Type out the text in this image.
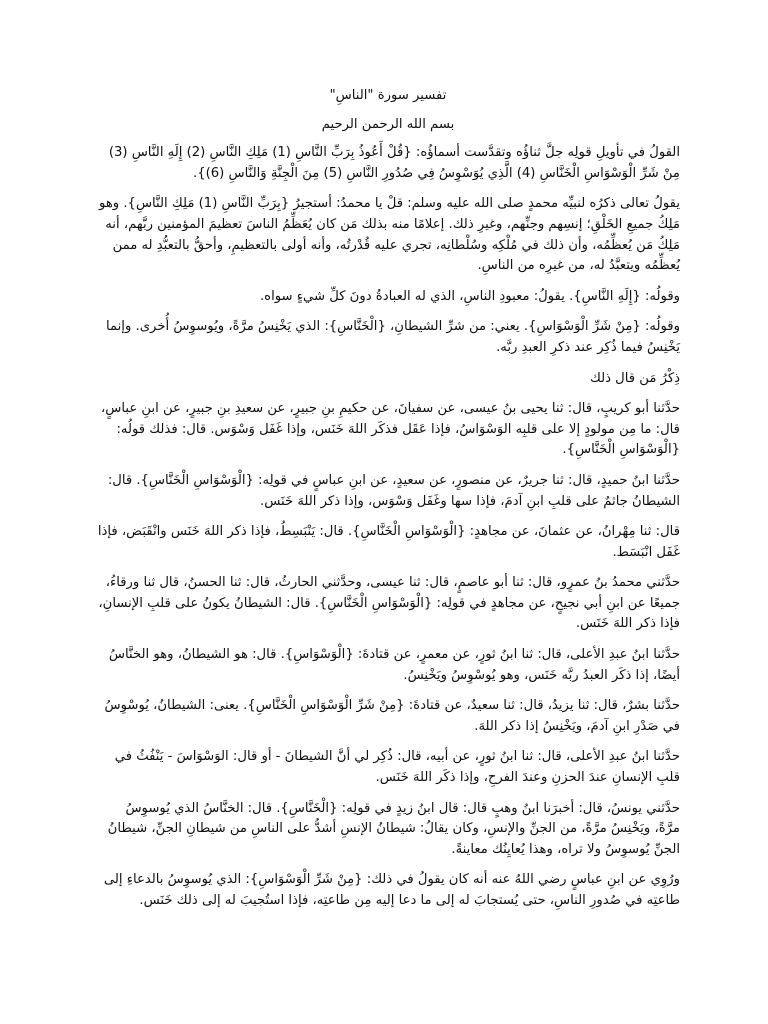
تفسير سورة "الناسِ"

بسم الله الرحمن الرحيم

القولُ في تأويلِ قولِه جلَّ ثناؤُه وتقدَّست أسماؤُه: {قُلْ أَعُوذُ بِرَبِّ النَّاسِ (1) مَلِكِ النَّاسِ (2) إِلَهِ النَّاسِ (3) مِنْ شَرِّ الْوَسْوَاسِ الْخَنَّاسِ (4) الَّذِي يُوَسْوِسُ فِي صُدُورِ النَّاسِ (5) مِنَ الْجِنَّةِ وَالنَّاسِ (6)}.

يقولُ تعالى ذكرُه لنبيِّه محمدٍ صلى الله عليه وسلم: قلْ يا محمدُ: أستجيرُ {بِرَبِّ النَّاسِ (1) مَلِكِ النَّاسِ}. وهو مَلِكُ جميعِ الخَلْقِ؛ إنسِهم وجنِّهم، وغيرِ ذلك. إعلامًا منه بذلك مَن كان يُعَظِّمُ الناسَ تعظيمَ المؤمنين ربَّهم، أنه مَلِكُ مَن يُعظِّمُه، وأن ذلك في مُلْكِه وسُلْطانِه، تجري عليه قُدْرتُه، وأنه أولى بالتعظيمِ، وأحقُّ بالتعبُّدِ له ممن يُعظِّمُه ويتعبَّدُ له، من غيرِه من الناسِ.

وقولُه: {إِلَهِ النَّاسِ}. يقولُ: معبودِ الناسِ، الذي له العبادةُ دونَ كلِّ شيءٍ سواه.

وقولُه: {مِنْ شَرِّ الْوَسْوَاسِ}. يعني: من شرِّ الشيطانِ، {الْخَنَّاسِ}: الذي يَخْنِسُ مرَّةً، ويُوسوِسُ أُخرى. وإنما يَخْنِسُ فيما ذُكِر عند ذكرِ العبدِ ربَّه.

ذِكْرُ مَن قال ذلك

حدَّثنا أبو كريبٍ، قال: ثنا يحيى بنُ عيسى، عن سفيانَ، عن حكيمِ بنِ جبيرٍ، عن سعيدِ بنِ جبيرٍ، عن ابنِ عباسٍ، قال: ما مِن مولودٍ إلا على قلبِه الوَسْوَاسُ، فإذا عَقَل فذكَر اللهَ خَنَس، وإذا غَفَل وَسْوَس. قال: فذلك قولُه: {الْوَسْوَاسِ الْخَنَّاسِ}.

حدَّثنا ابنُ حميدٍ، قال: ثنا جريرٌ، عن منصورٍ، عن سعيدٍ، عن ابنِ عباسٍ في قولِه: {الْوَسْوَاسِ الْخَنَّاسِ}. قال: الشيطانُ جاثمٌ على قلبِ ابنِ آدمَ، فإذا سها وغَفَل وَسْوَس، وإذا ذكر اللهَ خَنَس.

قال: ثنا مِهْرانُ، عن عثمانَ، عن مجاهدٍ: {الْوَسْوَاسِ الْخَنَّاسِ}. قال: يَنْبَسِطُ، فإذا ذكر اللهَ خَنَس وانْقَبَض، فإذا غَفَل انْبَسَط.

حدَّثني محمدُ بنُ عمرٍو، قال: ثنا أبو عاصمٍ، قال: ثنا عيسى، وحدَّثني الحارثُ، قال: ثنا الحسنُ، قال ثنا ورقاءُ، جميعًا عن ابنِ أبي نجيحٍ، عن مجاهدٍ في قولِه: {الْوَسْوَاسِ الْخَنَّاسِ}. قال: الشيطانُ يكونُ على قلبِ الإنسانِ، فإذا ذكر اللهَ خَنَس.

حدَّثنا ابنُ عبدِ الأعلى، قال: ثنا ابنُ ثورٍ، عن معمرٍ، عن قتادةَ: {الْوَسْوَاسِ}. قال: هو الشيطانُ، وهو الخنَّاسُ أيضًا، إذا ذكَر العبدُ ربَّه خَنَس، وهو يُوسْوِسُ ويَخْنِسُ.

حدَّثنا بشرٌ، قال: ثنا يزيدُ، قال: ثنا سعيدٌ، عن قتادةَ: {مِنْ شَرِّ الْوَسْوَاسِ الْخَنَّاسِ}. يعنى: الشيطانُ، يُوسْوِسُ في صَدْرِ ابنِ آدمَ، ويَخْنِسُ إذا ذكر اللهَ.

حدَّثنا ابنُ عبدِ الأعلى، قال: ثنا ابنُ ثورٍ، عن أبيه، قال: ذُكِر لي أنَّ الشيطانَ - أو قال: الوَسْوَاسَ - يَنْفُثُ في قلبِ الإنسانِ عندَ الحزنِ وعندَ الفرحِ، وإذا ذكَر اللهَ خَنَس.

حدَّثني يونسُ، قال: أخبرَنا ابنُ وهبٍ قال: قال ابنُ زيدٍ في قولِه: {الْخَنَّاسِ}. قال: الخنَّاسُ الذي يُوسوِسُ مرَّةً، ويَخْنِسُ مرَّةً، من الجنِّ والإنسِ، وكان يقالُ: شيطانُ الإنسِ أشدُّ على الناسِ من شيطانِ الجنِّ، شيطانُ الجنِّ يُوسوِسُ ولا تراه، وهذا يُعايِنُك معاينةً.

ورُوِي عن ابنِ عباسٍ رضي اللهُ عنه أنه كان يقولُ في ذلك: {مِنْ شَرِّ الْوَسْوَاسِ}: الذي يُوسوِسُ بالدعاءِ إلى طاعتِه في صُدورِ الناسِ، حتى يُستجابَ له إلى ما دعا إليه مِن طاعتِه، فإذا استُجيبَ له إلى ذلك خَنَس.
